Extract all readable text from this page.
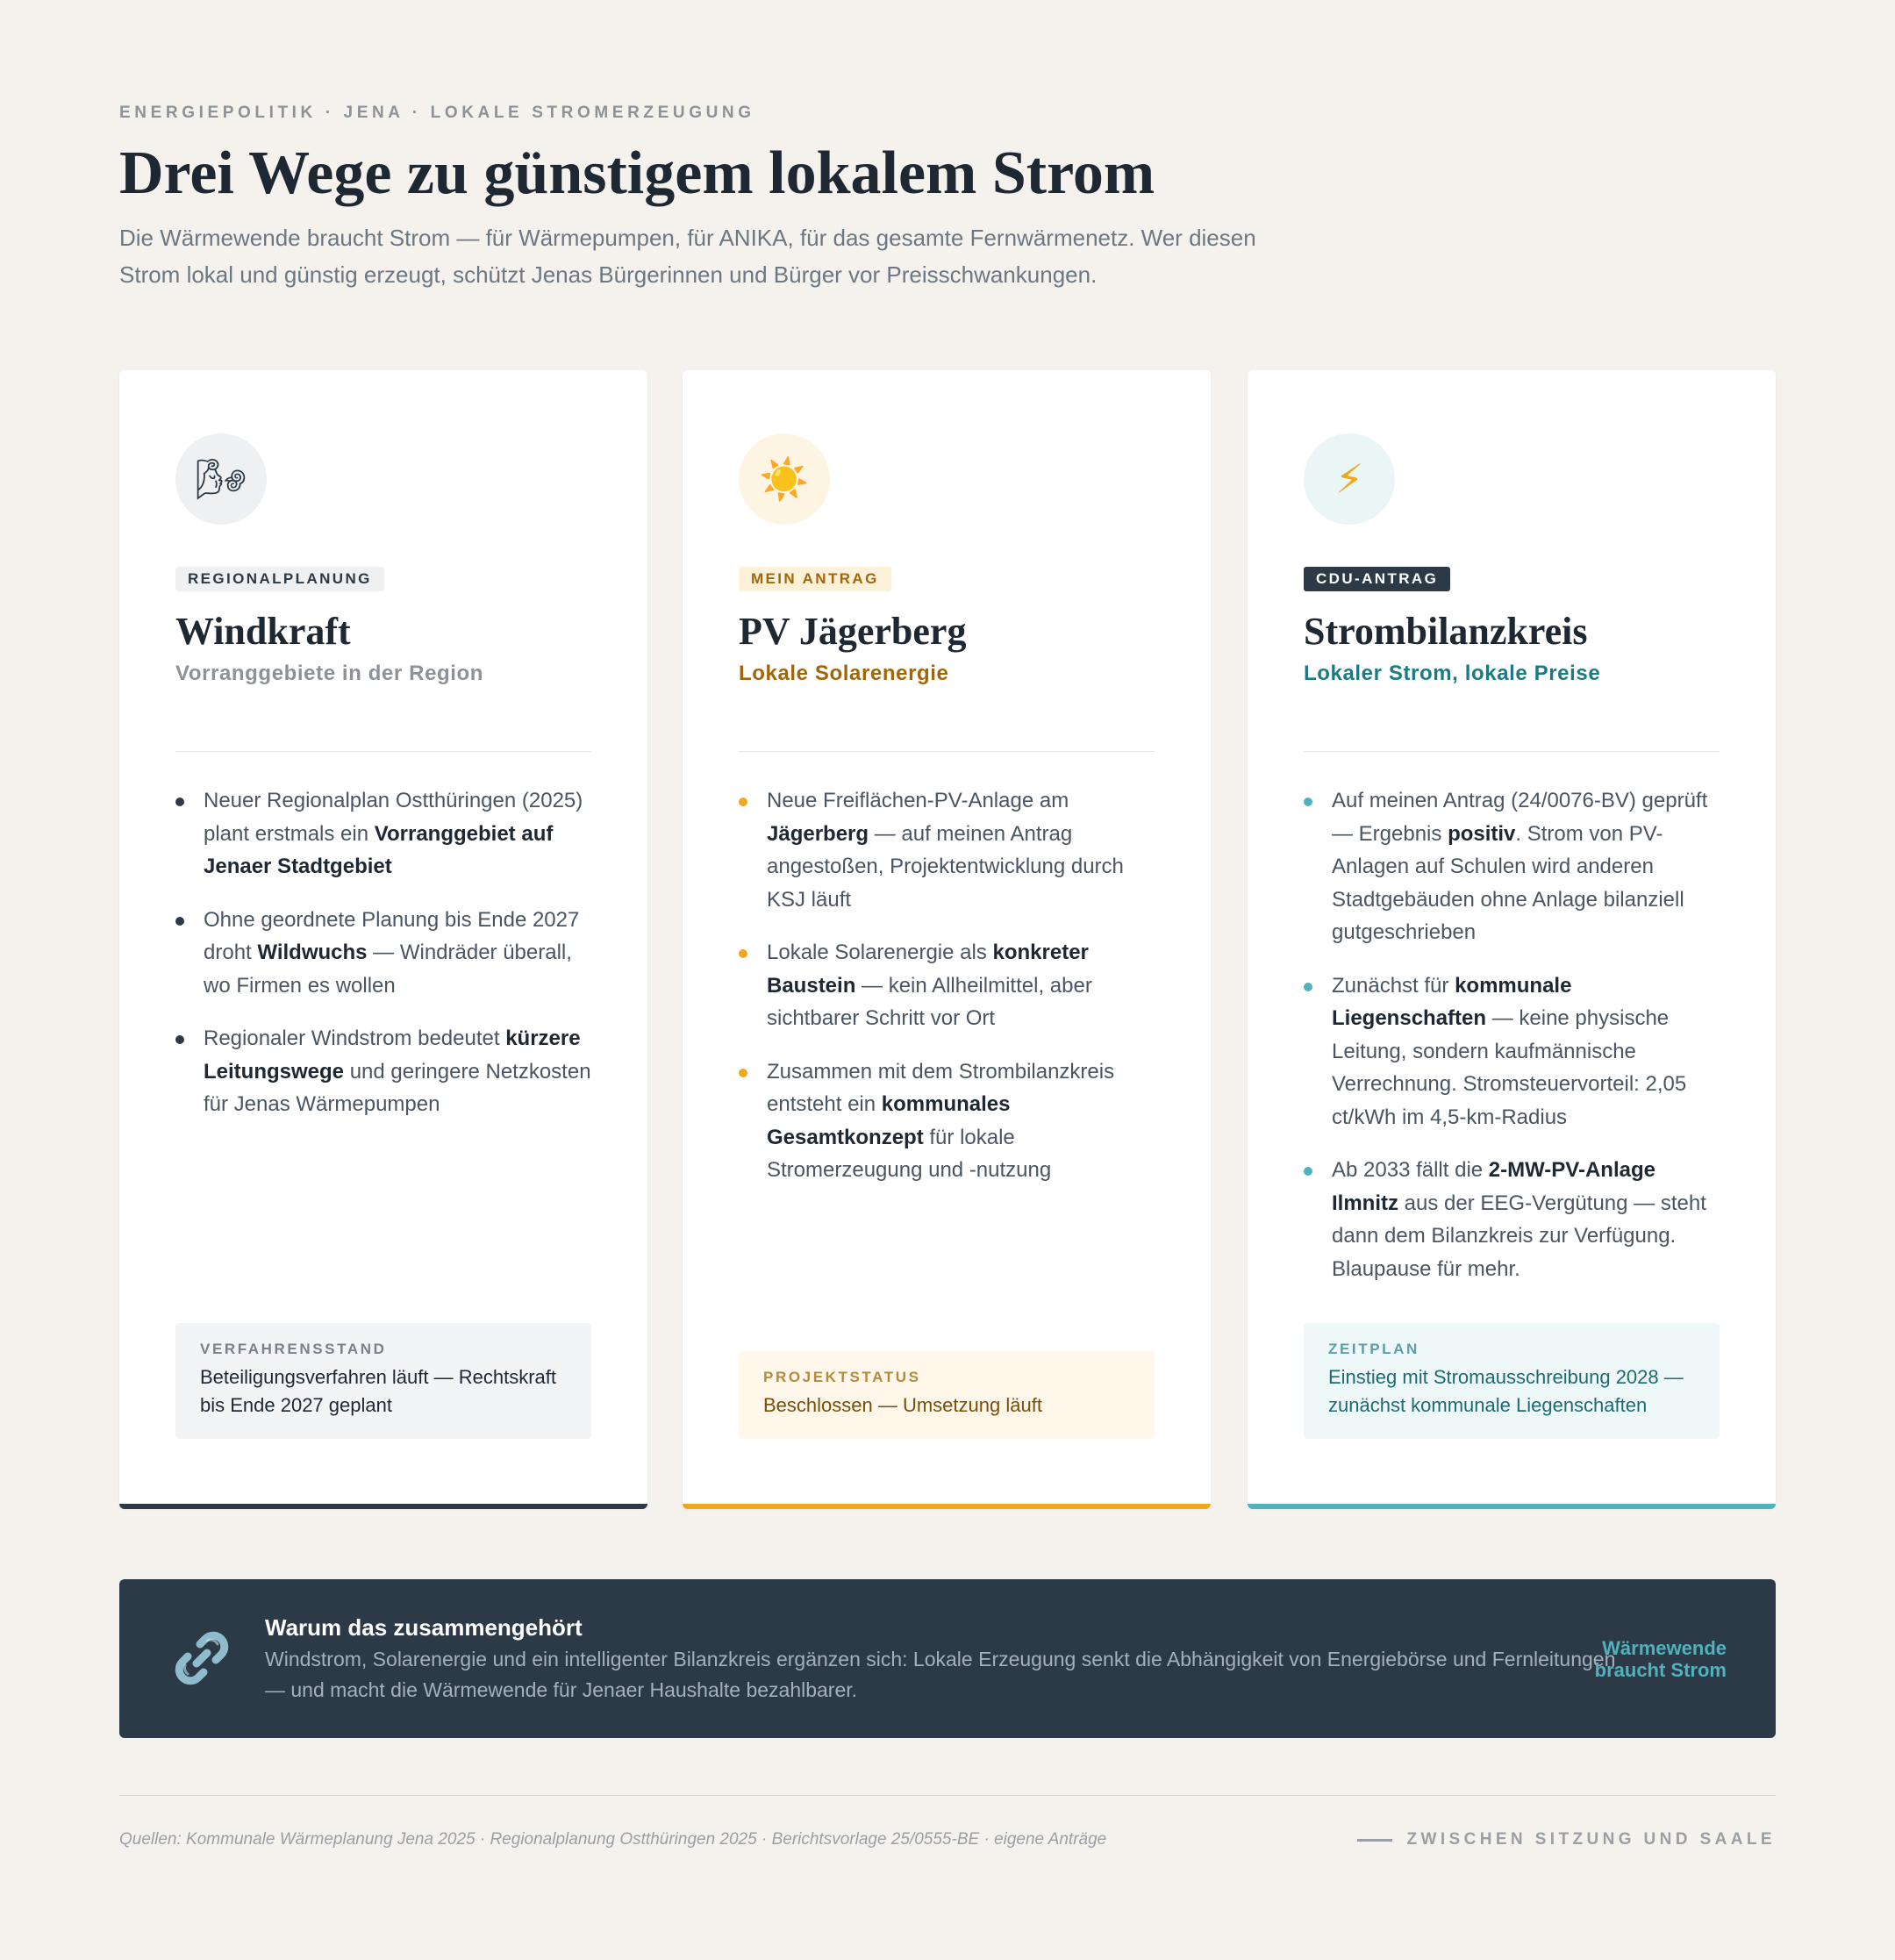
ENERGIEPOLITIK · JENA · LOKALE STROMERZEUGUNG
Drei Wege zu günstigem lokalem Strom

Die Wärmewende braucht Strom — für Wärmepumpen, für ANIKA, für das gesamte Fernwärmenetz. Wer diesen Strom lokal und günstig erzeugt, schützt Jenas Bürgerinnen und Bürger vor Preisschwankungen.

🌬
REGIONALPLANUNG
Windkraft
Vorranggebiete in der Region
Neuer Regionalplan Ostthüringen (2025) plant erstmals ein Vorranggebiet auf Jenaer Stadtgebiet
Ohne geordnete Planung bis Ende 2027 droht Wildwuchs — Windräder überall, wo Firmen es wollen
Regionaler Windstrom bedeutet kürzere Leitungswege und geringere Netzkosten für Jenas Wärmepumpen
VERFAHRENSSTAND
Beteiligungsverfahren läuft — Rechtskraft bis Ende 2027 geplant
☀️
MEIN ANTRAG
PV Jägerberg
Lokale Solarenergie
Neue Freiflächen-PV-Anlage am Jägerberg — auf meinen Antrag angestoßen, Projektentwicklung durch KSJ läuft
Lokale Solarenergie als konkreter Baustein — kein Allheilmittel, aber sichtbarer Schritt vor Ort
Zusammen mit dem Strombilanzkreis entsteht ein kommunales Gesamtkonzept für lokale Stromerzeugung und -nutzung
PROJEKTSTATUS
Beschlossen — Umsetzung läuft
⚡
CDU-ANTRAG
Strombilanzkreis
Lokaler Strom, lokale Preise
Auf meinen Antrag (24/0076-BV) geprüft — Ergebnis positiv. Strom von PV-Anlagen auf Schulen wird anderen Stadtgebäuden ohne Anlage bilanziell gutgeschrieben
Zunächst für kommunale Liegenschaften — keine physische Leitung, sondern kaufmännische Verrechnung. Stromsteuervorteil: 2,05 ct/kWh im 4,5-km-Radius
Ab 2033 fällt die 2-MW-PV-Anlage Ilmnitz aus der EEG-Vergütung — steht dann dem Bilanzkreis zur Verfügung. Blaupause für mehr.
ZEITPLAN
Einstieg mit Stromausschreibung 2028 — zunächst kommunale Liegenschaften
Warum das zusammengehört
Windstrom, Solarenergie und ein intelligenter Bilanzkreis ergänzen sich: Lokale Erzeugung senkt die Abhängigkeit von Energiebörse und Fernleitungen — und macht die Wärmewende für Jenaer Haushalte bezahlbarer.
Wärmewende braucht Strom
Quellen: Kommunale Wärmeplanung Jena 2025 · Regionalplanung Ostthüringen 2025 · Berichtsvorlage 25/0555-BE · eigene Anträge	ZWISCHEN SITZUNG UND SAALE
